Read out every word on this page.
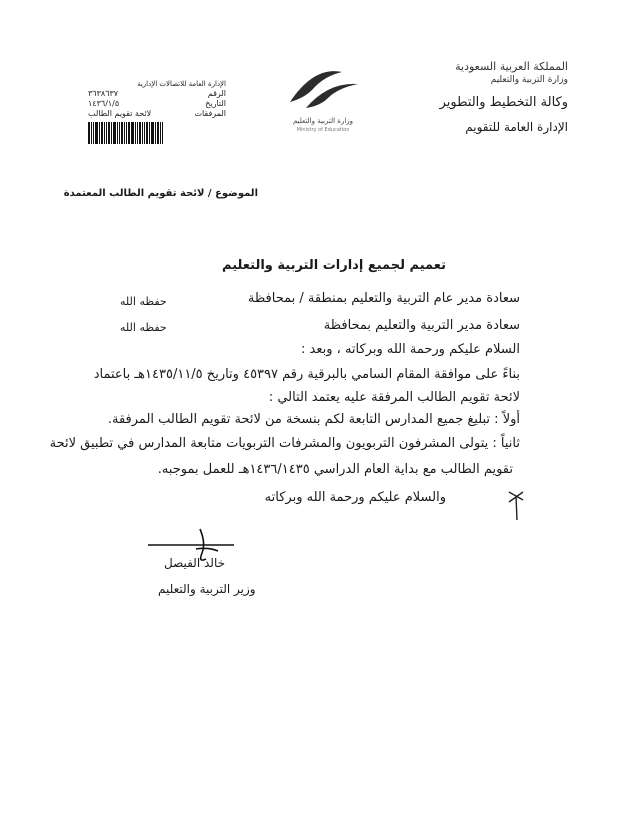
المملكة العربية السعودية
وزارة التربية والتعليم
وكالة التخطيط والتطوير
الإدارة العامة للتقويم
وزارة التربية والتعليم
Ministry of Education
الإدارة العامة للاتصالات الإدارية
الرقم
٣٦٣٨٦٣٧
التاريخ
١٤٣٦/١/٥
المرفقات
لائحة تقويم الطالب
الموضوع / لائحة تقويم الطالب المعتمدة
تعميم لجميع إدارات التربية والتعليم
سعادة مدير عام التربية والتعليم بمنطقة / بمحافظة
حفظه الله
سعادة مدير التربية والتعليم بمحافظة
حفظه الله
السلام عليكم ورحمة الله وبركاته ، وبعد :
بناءً على موافقة المقام السامي بالبرقية رقم ٤٥٣٩٧ وتاريخ ١٤٣٥/١١/٥هـ باعتماد
لائحة تقويم الطالب المرفقة عليه يعتمد التالي :
أولاً : تبليغ جميع المدارس التابعة لكم بنسخة من لائحة تقويم الطالب المرفقة.
ثانياً : يتولى المشرفون التربويون والمشرفات التربويات متابعة المدارس في تطبيق لائحة
تقويم الطالب مع بداية العام الدراسي ١٤٣٦/١٤٣٥هـ للعمل بموجبه.
والسلام عليكم ورحمة الله وبركاته
خالد الفيصل
وزير التربية والتعليم
